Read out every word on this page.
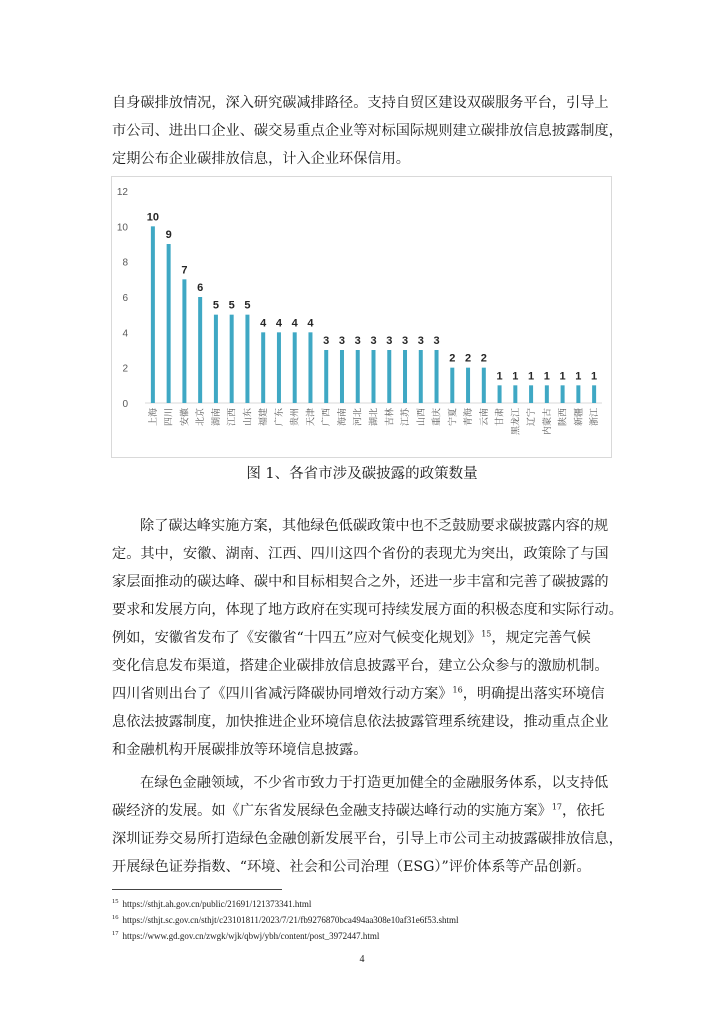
自身碳排放情况，深入研究碳减排路径。支持自贸区建设双碳服务平台，引导上
市公司、进出口企业、碳交易重点企业等对标国际规则建立碳排放信息披露制度，
定期公布企业碳排放信息，计入企业环保信用。
0
2
4
6
8
10
12
10
上海
9
四川
7
安徽
6
北京
5
湖南
5
江西
5
山东
4
福建
4
广东
4
贵州
4
天津
3
广西
3
海南
3
河北
3
湖北
3
吉林
3
江苏
3
山西
3
重庆
2
宁夏
2
青海
2
云南
1
甘肃
1
黑龙江
1
辽宁
1
内蒙古
1
陕西
1
新疆
1
浙江
图 1、各省市涉及碳披露的政策数量
除了碳达峰实施方案，其他绿色低碳政策中也不乏鼓励要求碳披露内容的规
定。其中，安徽、湖南、江西、四川这四个省份的表现尤为突出，政策除了与国
家层面推动的碳达峰、碳中和目标相契合之外，还进一步丰富和完善了碳披露的
要求和发展方向，体现了地方政府在实现可持续发展方面的积极态度和实际行动。
例如，安徽省发布了《安徽省“十四五”应对气候变化规划》$^{15}$，规定完善气候
变化信息发布渠道，搭建企业碳排放信息披露平台，建立公众参与的激励机制。
四川省则出台了《四川省减污降碳协同增效行动方案》$^{16}$，明确提出落实环境信
息依法披露制度，加快推进企业环境信息依法披露管理系统建设，推动重点企业
和金融机构开展碳排放等环境信息披露。
在绿色金融领域，不少省市致力于打造更加健全的金融服务体系，以支持低
碳经济的发展。如《广东省发展绿色金融支持碳达峰行动的实施方案》$^{17}$，依托
深圳证券交易所打造绿色金融创新发展平台，引导上市公司主动披露碳排放信息，
开展绿色证券指数、“环境、社会和公司治理（ESG）”评价体系等产品创新。
$^{15}$ https://sthjt.ah.gov.cn/public/21691/121373341.html
$^{16}$ https://sthjt.sc.gov.cn/sthjt/c23101811/2023/7/21/fb9276870bca494aa308e10af31e6f53.shtml
$^{17}$ https://www.gd.gov.cn/zwgk/wjk/qbwj/ybh/content/post_3972447.html
4
